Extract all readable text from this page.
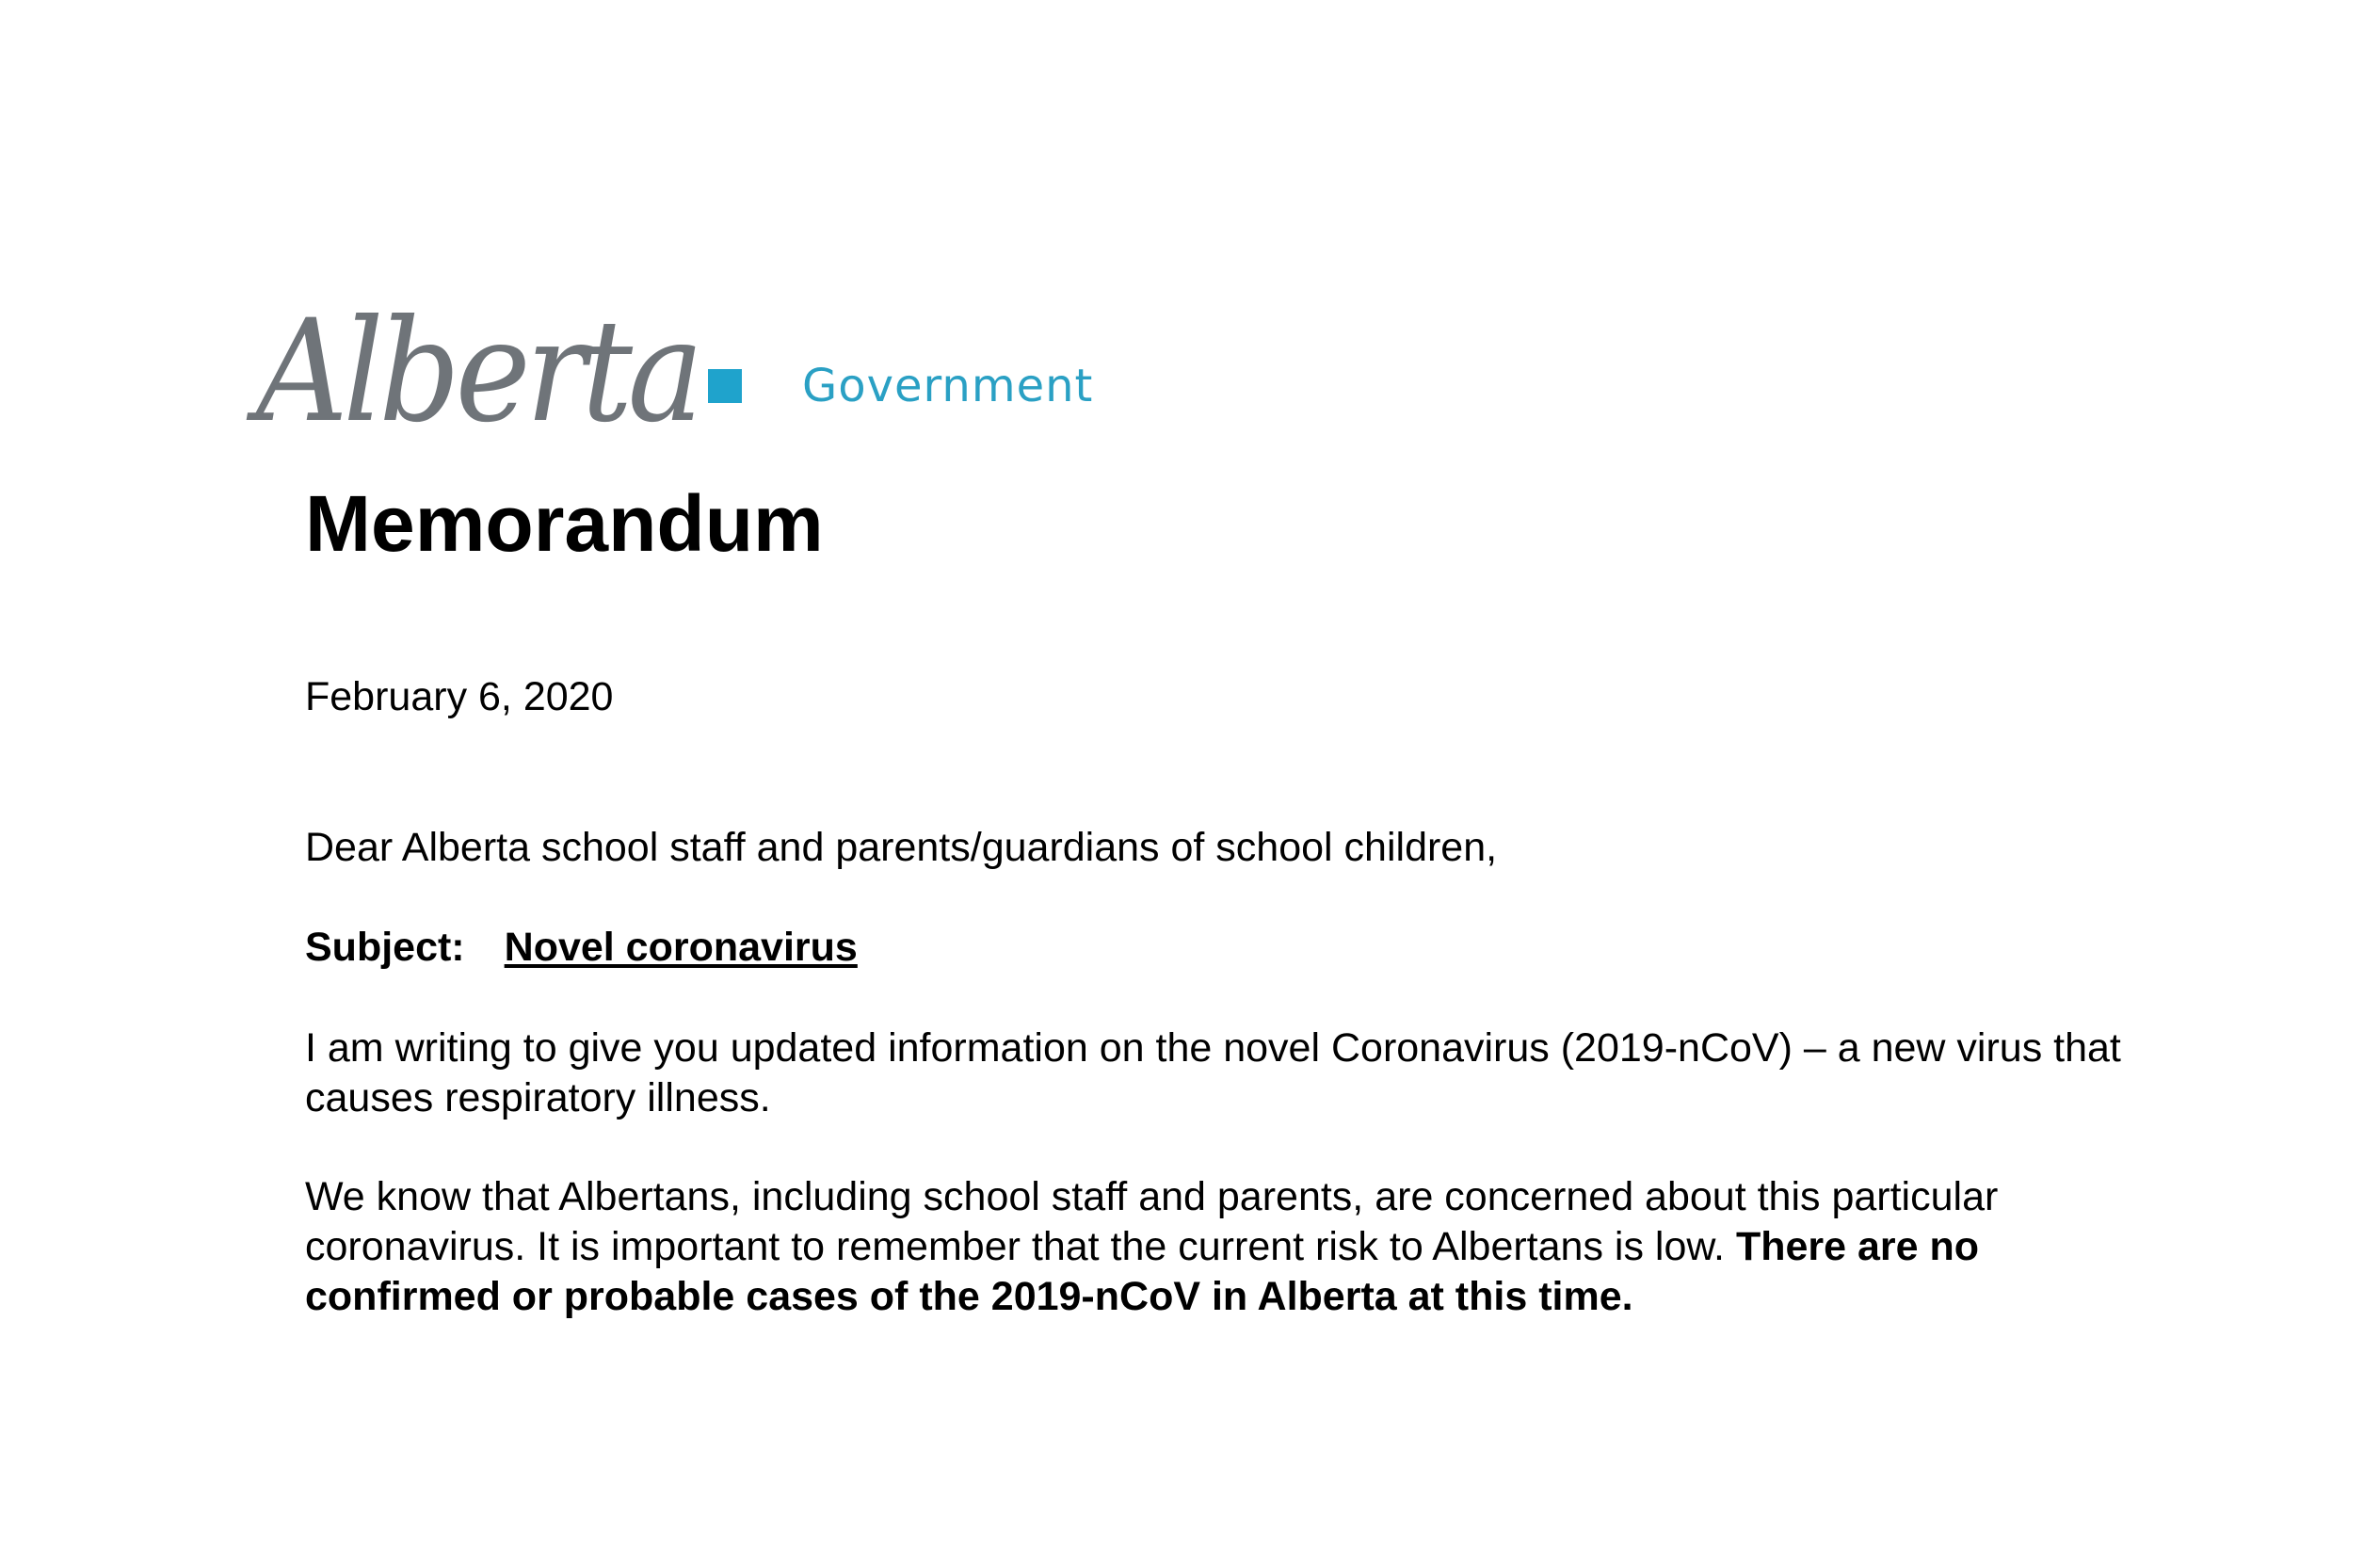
Alberta Government
Memorandum

February 6, 2020

Dear Alberta school staff and parents/guardians of school children,

Subject: Novel coronavirus

I am writing to give you updated information on the novel Coronavirus (2019-nCoV) – a new virus that causes respiratory illness.

We know that Albertans, including school staff and parents, are concerned about this particular coronavirus. It is important to remember that the current risk to Albertans is low. There are no confirmed or probable cases of the 2019-nCoV in Alberta at this time.
